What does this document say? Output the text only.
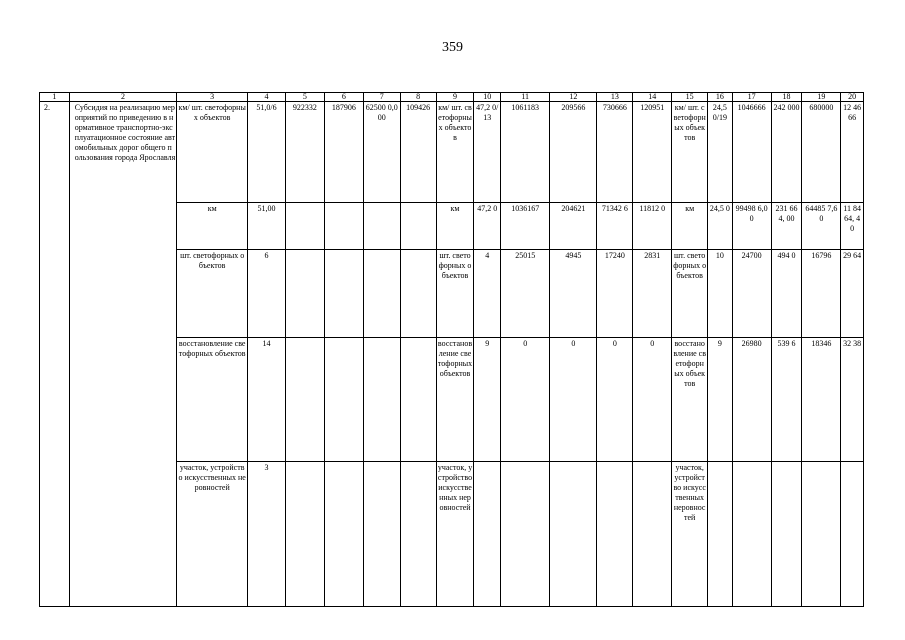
359
1	2	3	4	5	6	7	8	9	10	11	12	13	14	15	16	17	18	19	20
2.	Субсидия на реализацию мероприятий по приведению в нормативное транспортно-эксплуатационное состояние автомобильных дорог общего пользования города Ярославля	км/ шт. светофорных объектов	51,0/6	922332	187906	62500 0,000	109426	км/ шт. светофорных объектов	47,2 0/13	1061183	209566	730666	120951	км/ шт. светофорных объектов	24,5 0/19	1046666	242 000	680000	12 46 66
		км	51,00					км	47,2 0	1036167	204621	71342 6	11812 0	км	24,5 0	99498 6,00	231 664, 00	64485 7,60	11 84 64, 40
		шт. светофорных объектов	6					шт. светофорных объектов	4	25015	4945	17240	2831	шт. светофорных объектов	10	24700	494 0	16796	29 64
		восстановление светофорных объектов	14					восстановление светофорных объектов	9	0	0	0	0	восстановление светофорных объектов	9	26980	539 6	18346	32 38
		участок, устройство искусственных неровностей	3					участок, устройство искусственных неровностей						участок, устройство искусственных неровностей					
